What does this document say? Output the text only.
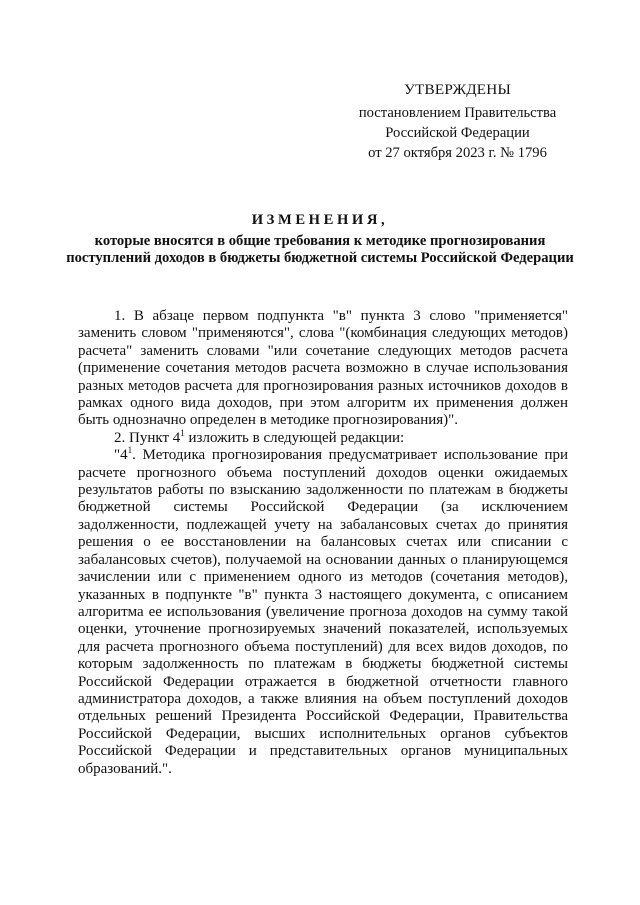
УТВЕРЖДЕНЫ
постановлением Правительства
Российской Федерации
от 27 октября 2023 г. № 1796
ИЗМЕНЕНИЯ,
которые вносятся в общие требования к методике прогнозирования поступлений доходов в бюджеты бюджетной системы Российской Федерации

1. В абзаце первом подпункта "в" пункта 3 слово "применяется" заменить словом "применяются", слова "(комбинация следующих методов) расчета" заменить словами "или сочетание следующих методов расчета (применение сочетания методов расчета возможно в случае использования разных методов расчета для прогнозирования разных источников доходов в рамках одного вида доходов, при этом алгоритм их применения должен быть однозначно определен в методике прогнозирования)".

2. Пункт $4^1$ изложить в следующей редакции:

"$4^1$. Методика прогнозирования предусматривает использование при расчете прогнозного объема поступлений доходов оценки ожидаемых результатов работы по взысканию задолженности по платежам в бюджеты бюджетной системы Российской Федерации (за исключением задолженности, подлежащей учету на забалансовых счетах до принятия решения о ее восстановлении на балансовых счетах или списании с забалансовых счетов), получаемой на основании данных о планирующемся зачислении или с применением одного из методов (сочетания методов), указанных в подпункте "в" пункта 3 настоящего документа, с описанием алгоритма ее использования (увеличение прогноза доходов на сумму такой оценки, уточнение прогнозируемых значений показателей, используемых для расчета прогнозного объема поступлений) для всех видов доходов, по которым задолженность по платежам в бюджеты бюджетной системы Российской Федерации отражается в бюджетной отчетности главного администратора доходов, а также влияния на объем поступлений доходов отдельных решений Президента Российской Федерации, Правительства Российской Федерации, высших исполнительных органов субъектов Российской Федерации и представительных органов муниципальных образований.".
